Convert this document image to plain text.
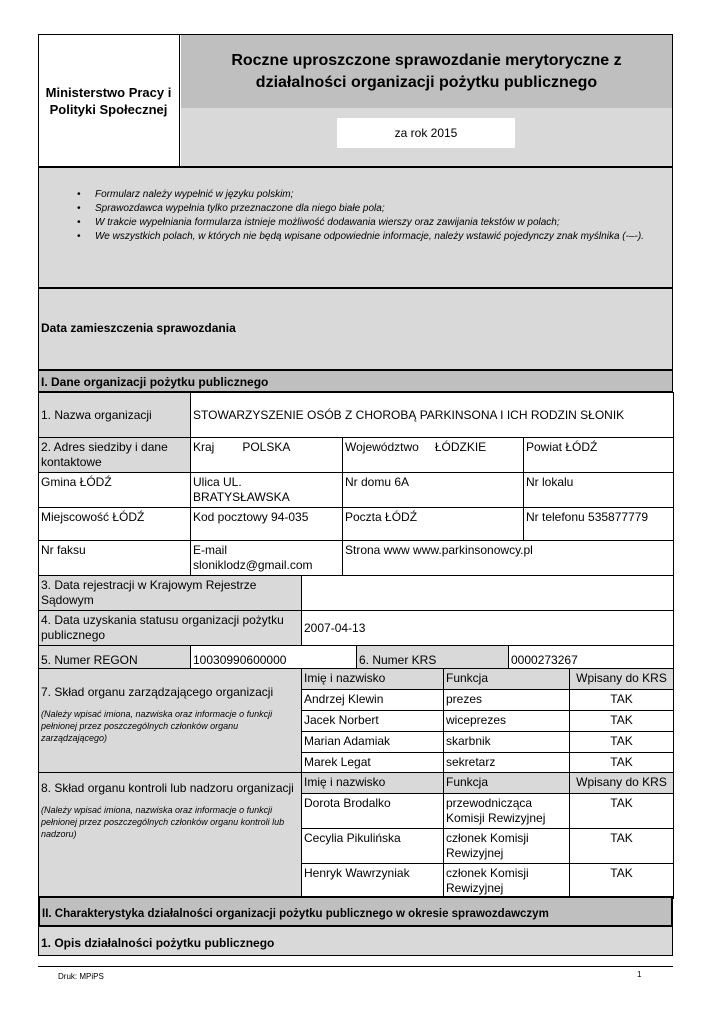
Ministerstwo Pracy i Polityki Społecznej
Roczne uproszczone sprawozdanie merytoryczne z działalności organizacji pożytku publicznego
za rok 2015
• Formularz należy wypełnić w języku polskim;
• Sprawozdawca wypełnia tylko przeznaczone dla niego białe pola;
• W trakcie wypełniania formularza istnieje możliwość dodawania wierszy oraz zawijania tekstów w polach;
• We wszystkich polach, w których nie będą wpisane odpowiednie informacje, należy wstawić pojedynczy znak myślnika (-–-).
Data zamieszczenia sprawozdania
I. Dane organizacji pożytku publicznego
1. Nazwa organizacji	STOWARZYSZENIE OSÓB Z CHOROBĄ PARKINSONA I ICH RODZIN SŁONIK		
2. Adres siedziby i dane kontaktowe	Kraj POLSKA	Województwo ŁÓDZKIE	Powiat ŁÓDŹ
Gmina ŁÓDŹ	Ulica UL. BRATYSŁAWSKA	Nr domu 6A	Nr lokalu
Miejscowość ŁÓDŹ	Kod pocztowy 94-035	Poczta ŁÓDŹ	Nr telefonu 535877779
Nr faksu	E-mail sloniklodz@gmail.com	Strona www www.parkinsonowcy.pl	
3. Data rejestracji w Krajowym Rejestrze Sądowym	
4. Data uzyskania statusu organizacji pożytku publicznego	2007-04-13
5. Numer REGON	10030990600000	6. Numer KRS	0000273267
7. Skład organu zarządzającego organizacji
(Należy wpisać imiona, nazwiska oraz informacje o funkcji pełnionej przez poszczególnych członków organu zarządzającego)	Imię i nazwisko	Funkcja	Wpisany do KRS
	Andrzej Klewin	prezes	TAK
	Jacek Norbert	wiceprezes	TAK
	Marian Adamiak	skarbnik	TAK
	Marek Legat	sekretarz	TAK
8. Skład organu kontroli lub nadzoru organizacji
(Należy wpisać imiona, nazwiska oraz informacje o funkcji pełnionej przez poszczególnych członków organu kontroli lub nadzoru)	Imię i nazwisko	Funkcja	Wpisany do KRS
	Dorota Brodalko	przewodnicząca Komisji Rewizyjnej	TAK
	Cecylia Pikulińska	członek Komisji Rewizyjnej	TAK
	Henryk Wawrzyniak	członek Komisji Rewizyjnej	TAK
II. Charakterystyka działalności organizacji pożytku publicznego w okresie sprawozdawczym
1. Opis działalności pożytku publicznego
Druk: MPiPS	1
